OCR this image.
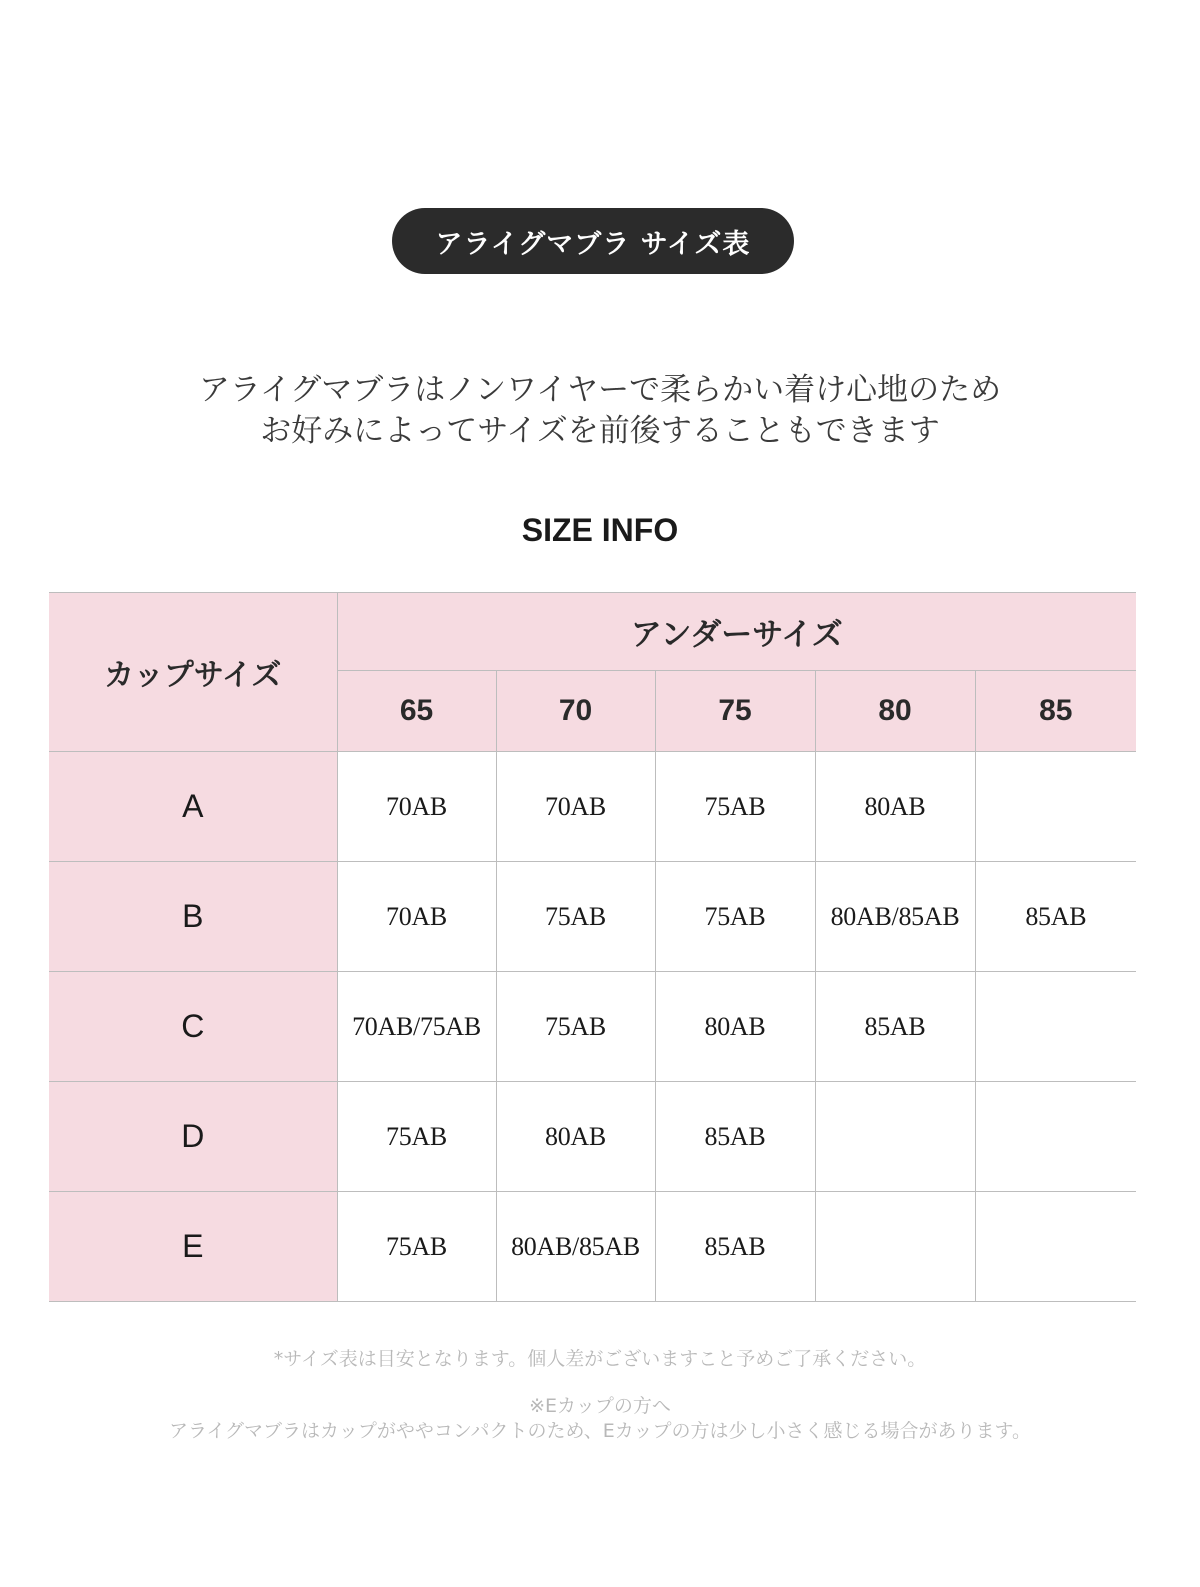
アライグマブラ サイズ表
アライグマブラはノンワイヤーで柔らかい着け心地のため
お好みによってサイズを前後することもできます
SIZE INFO
カップサイズ	アンダーサイズ				
	65	70	75	80	85
A	70AB	70AB	75AB	80AB	
B	70AB	75AB	75AB	80AB/85AB	85AB
C	70AB/75AB	75AB	80AB	85AB	
D	75AB	80AB	85AB		
E	75AB	80AB/85AB	85AB		
*サイズ表は目安となります。個人差がございますこと予めご了承ください。
※Eカップの方へ
アライグマブラはカップがややコンパクトのため、Eカップの方は少し小さく感じる場合があります。
